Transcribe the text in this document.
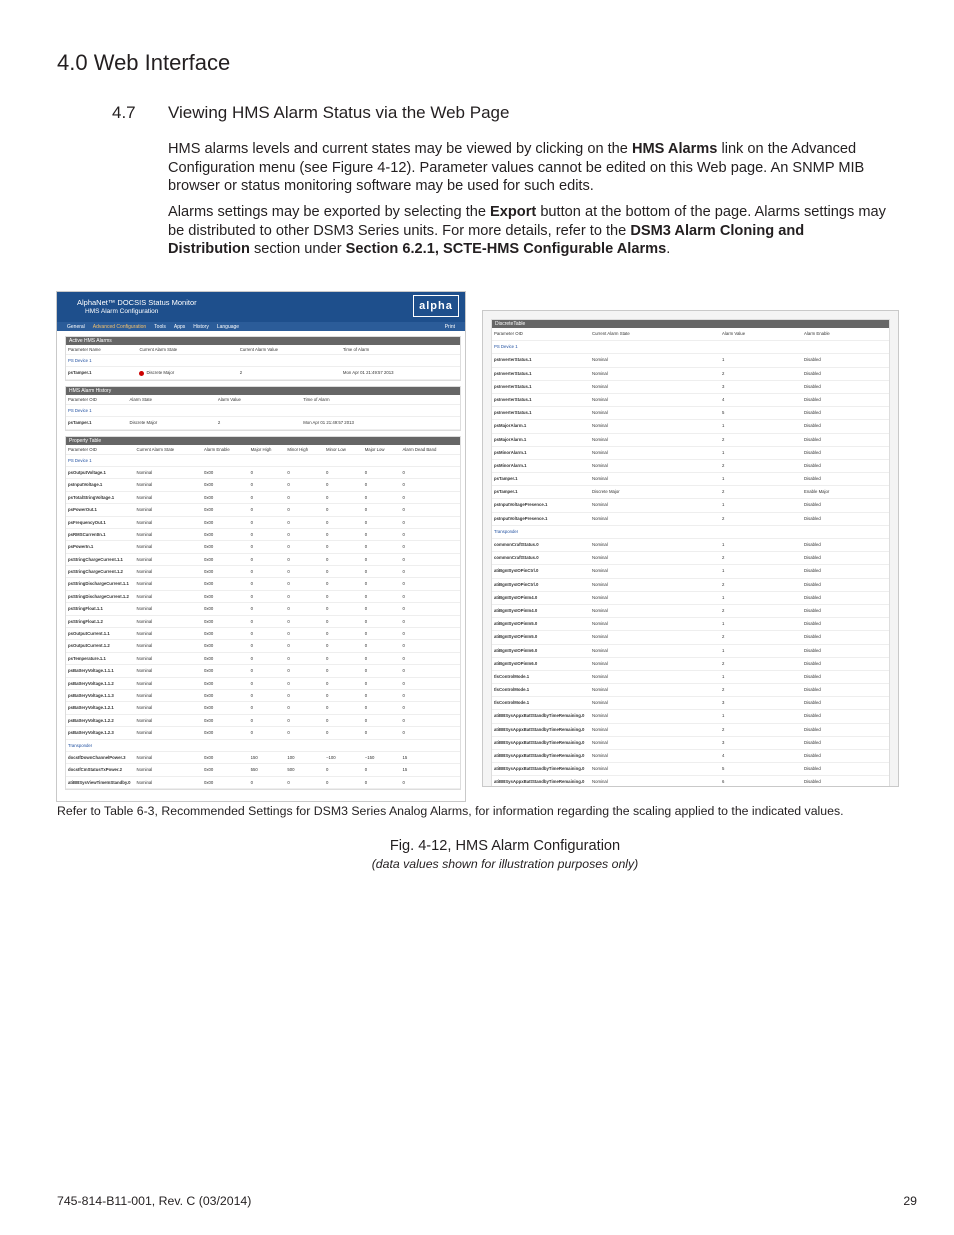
4.0 Web Interface
4.7 Viewing HMS Alarm Status via the Web Page

HMS alarms levels and current states may be viewed by clicking on the HMS Alarms link on the Advanced Configuration menu (see Figure 4-12). Parameter values cannot be edited on this Web page. An SNMP MIB browser or status monitoring software may be used for such edits.

Alarms settings may be exported by selecting the Export button at the bottom of the page. Alarms settings may be distributed to other DSM3 Series units. For more details, refer to the DSM3 Alarm Cloning and Distribution section under Section 6.2.1, SCTE-HMS Configurable Alarms.

AlphaNet™ DOCSIS Status Monitor
HMS Alarm Configuration	alpha
General Advanced Configuration Tools Apps History Language	Print
Active HMS Alarms
Parameter Name	Current Alarm State	Current Alarm Value	Time of Alarm
PS Device 1
psTamper.1	Discrete Major	2	Mon Apr 01 21:49:57 2013
HMS Alarm History
Parameter OID	Alarm State	Alarm Value	Time of Alarm
PS Device 1
psTamper.1	Discrete Major	2	Mon Apr 01 21:49:57 2013
Property Table
Parameter OID	Current Alarm State	Alarm Enable	Major High	Minor High	Minor Low	Major Low	Alarm Dead Band
PS Device 1
psOutputVoltage.1	Nominal	0x00	0	0	0	0	0
psInputVoltage.1	Nominal	0x00	0	0	0	0	0
psTotalStringVoltage.1	Nominal	0x00	0	0	0	0	0
psPowerOut.1	Nominal	0x00	0	0	0	0	0
psFrequencyOut.1	Nominal	0x00	0	0	0	0	0
psRMSCurrentIn.1	Nominal	0x00	0	0	0	0	0
psPowerIn.1	Nominal	0x00	0	0	0	0	0
psStringChargeCurrent.1.1	Nominal	0x00	0	0	0	0	0
psStringChargeCurrent.1.2	Nominal	0x00	0	0	0	0	0
psStringDischargeCurrent.1.1	Nominal	0x00	0	0	0	0	0
psStringDischargeCurrent.1.2	Nominal	0x00	0	0	0	0	0
psStringFloat.1.1	Nominal	0x00	0	0	0	0	0
psStringFloat.1.2	Nominal	0x00	0	0	0	0	0
psOutputCurrent.1.1	Nominal	0x00	0	0	0	0	0
psOutputCurrent.1.2	Nominal	0x00	0	0	0	0	0
psTemperature.1.1	Nominal	0x00	0	0	0	0	0
psBatteryVoltage.1.1.1	Nominal	0x00	0	0	0	0	0
psBatteryVoltage.1.1.2	Nominal	0x00	0	0	0	0	0
psBatteryVoltage.1.1.3	Nominal	0x00	0	0	0	0	0
psBatteryVoltage.1.2.1	Nominal	0x00	0	0	0	0	0
psBatteryVoltage.1.2.2	Nominal	0x00	0	0	0	0	0
psBatteryVoltage.1.2.3	Nominal	0x00	0	0	0	0	0
Transponder
docsIfDownChannelPower.3	Nominal	0x00	150	100	−100	−150	15
docsIfCmStatusTxPower.2	Nominal	0x00	550	500	0	0	15
atiBBSysViewTimeInStandby.0	Nominal	0x00	0	0	0	0	0
DiscreteTable
Parameter OID	Current Alarm State	Alarm Value	Alarm Enable
PS Device 1
psInverterStatus.1	Nominal	1	Disabled
psInverterStatus.1	Nominal	2	Disabled
psInverterStatus.1	Nominal	3	Disabled
psInverterStatus.1	Nominal	4	Disabled
psInverterStatus.1	Nominal	5	Disabled
psMajorAlarm.1	Nominal	1	Disabled
psMajorAlarm.1	Nominal	2	Disabled
psMinorAlarm.1	Nominal	1	Disabled
psMinorAlarm.1	Nominal	2	Disabled
psTamper.1	Nominal	1	Disabled
psTamper.1	Discrete Major	2	Enable Major
psInputVoltagePresence.1	Nominal	1	Disabled
psInputVoltagePresence.1	Nominal	2	Disabled
Transponder
commonCraftStatus.0	Nominal	1	Disabled
commonCraftStatus.0	Nominal	2	Disabled
atiBgnISysIOPinCtrl.0	Nominal	1	Disabled
atiBgnISysIOPinCtrl.0	Nominal	2	Disabled
atiBgnISysIOPinIn4.0	Nominal	1	Disabled
atiBgnISysIOPinIn4.0	Nominal	2	Disabled
atiBgnISysIOPinIn5.0	Nominal	1	Disabled
atiBgnISysIOPinIn5.0	Nominal	2	Disabled
atiBgnISysIOPinIn6.0	Nominal	1	Disabled
atiBgnISysIOPinIn6.0	Nominal	2	Disabled
tlsControlMode.1	Nominal	1	Disabled
tlsControlMode.1	Nominal	2	Disabled
tlsControlMode.1	Nominal	3	Disabled
atiBBSysAppxBattStandbyTimeRemaining.0	Nominal	1	Disabled
atiBBSysAppxBattStandbyTimeRemaining.0	Nominal	2	Disabled
atiBBSysAppxBattStandbyTimeRemaining.0	Nominal	3	Disabled
atiBBSysAppxBattStandbyTimeRemaining.0	Nominal	4	Disabled
atiBBSysAppxBattStandbyTimeRemaining.0	Nominal	5	Disabled
atiBBSysAppxBattStandbyTimeRemaining.0	Nominal	6	Disabled

Refer to Table 6-3, Recommended Settings for DSM3 Series Analog Alarms, for information regarding the scaling applied to the indicated values.

Fig. 4-12, HMS Alarm Configuration

(data values shown for illustration purposes only)

745-814-B11-001, Rev. C (03/2014)	29
